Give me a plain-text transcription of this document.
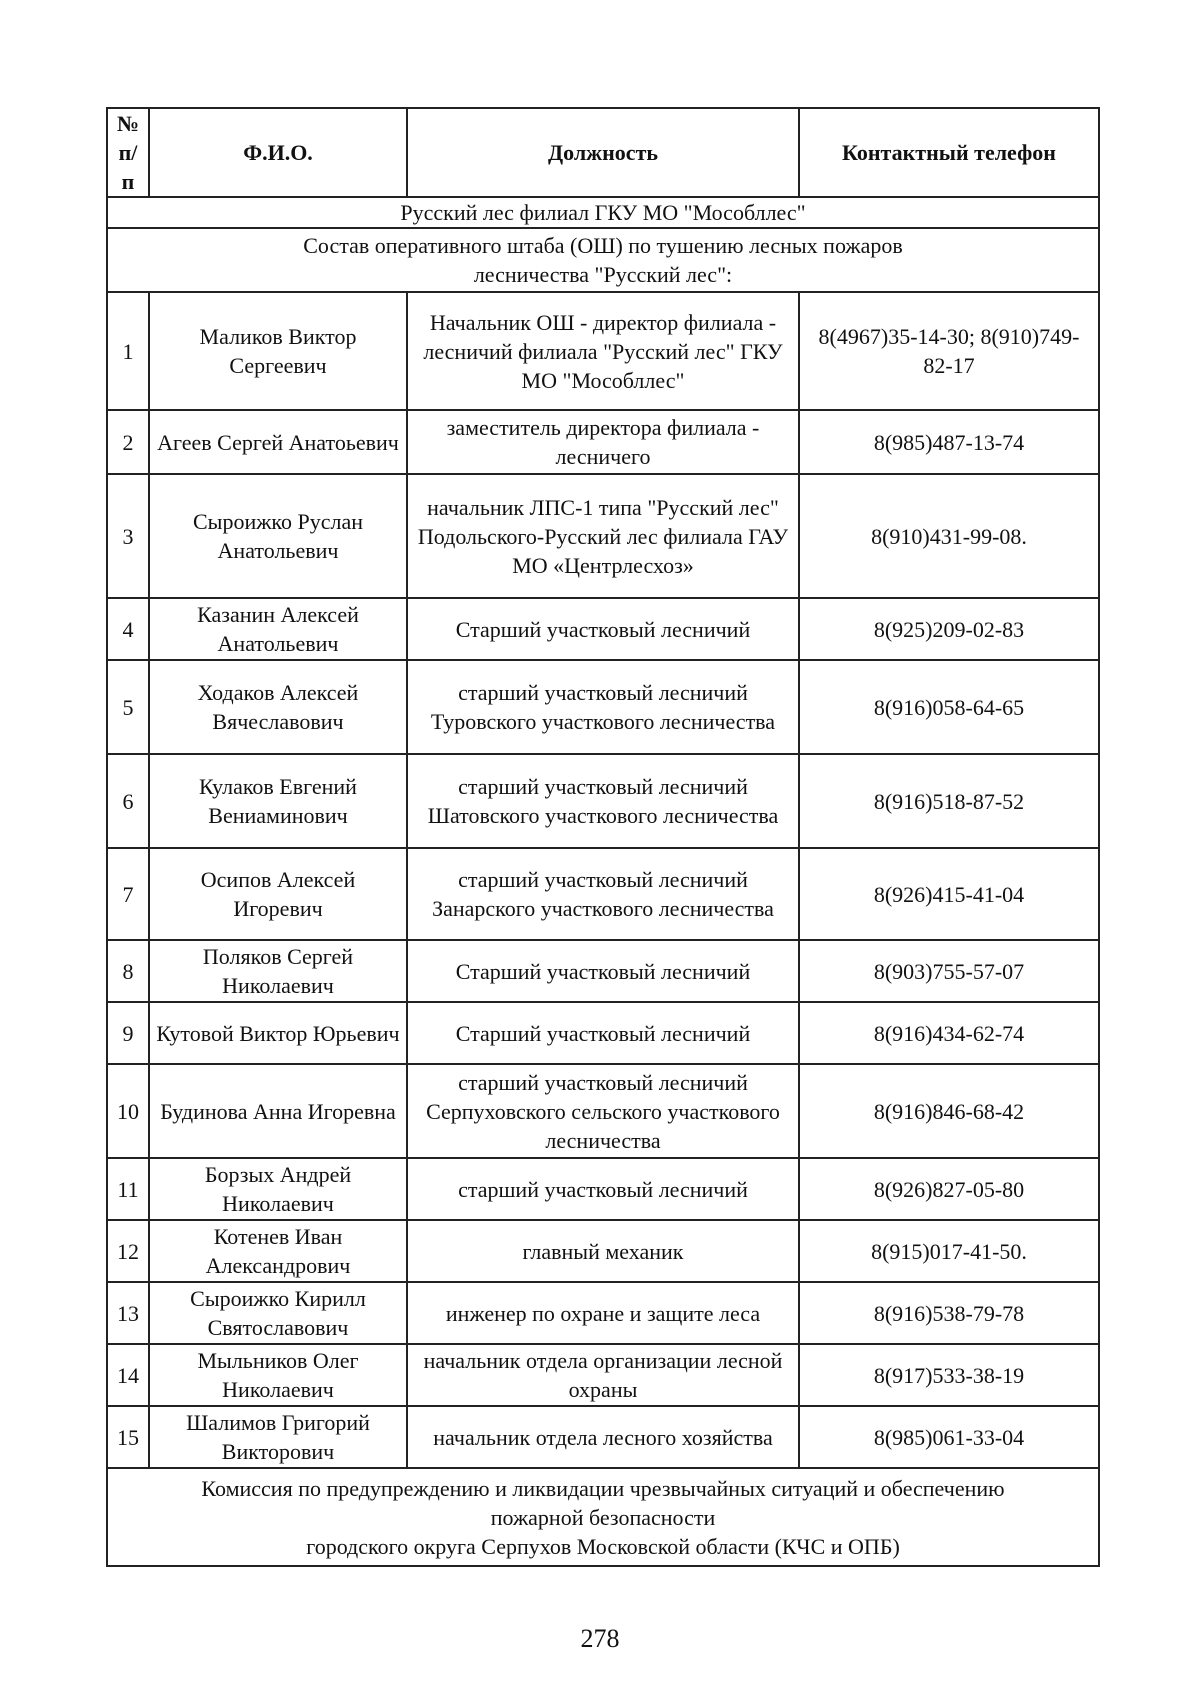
№ п/ п	Ф.И.О.	Должность	Контактный телефон
Русский лес филиал ГКУ МО "Мособллес"			

Состав оперативного штаба (ОШ) по тушению лесных пожаров
лесничества "Русский лес":			

1	Маликов Виктор Сергеевич	Начальник ОШ - директор филиала - лесничий филиала "Русский лес" ГКУ МО "Мособллес"	8(4967)35-14-30; 8(910)749-82-17
2	Агеев Сергей Анатоьевич	заместитель директора филиала - лесничего	8(985)487-13-74
3	Сыроижко Руслан Анатольевич	начальник ЛПС-1 типа "Русский лес" Подольского-Русский лес филиала ГАУ МО «Центрлесхоз»	8(910)431-99-08.
4	Казанин Алексей Анатольевич	Старший участковый лесничий	8(925)209-02-83
5	Ходаков Алексей Вячеславович	старший участковый лесничий Туровского участкового лесничества	8(916)058-64-65
6	Кулаков Евгений Вениаминович	старший участковый лесничий Шатовского участкового лесничества	8(916)518-87-52
7	Осипов Алексей Игоревич	старший участковый лесничий Занарского участкового лесничества	8(926)415-41-04
8	Поляков Сергей Николаевич	Старший участковый лесничий	8(903)755-57-07
9	Кутовой Виктор Юрьевич	Старший участковый лесничий	8(916)434-62-74
10	Будинова Анна Игоревна	старший участковый лесничий Серпуховского сельского участкового лесничества	8(916)846-68-42
11	Борзых Андрей Николаевич	старший участковый лесничий	8(926)827-05-80
12	Котенев Иван Александрович	главный механик	8(915)017-41-50.
13	Сыроижко Кирилл Святославович	инженер по охране и защите леса	8(916)538-79-78
14	Мыльников Олег Николаевич	начальник отдела организации лесной охраны	8(917)533-38-19
15	Шалимов Григорий Викторович	начальник отдела лесного хозяйства	8(985)061-33-04

Комиссия по предупреждению и ликвидации чрезвычайных ситуаций и обеспечению
пожарной безопасности
городского округа Серпухов Московской области (КЧС и ОПБ)			
278
